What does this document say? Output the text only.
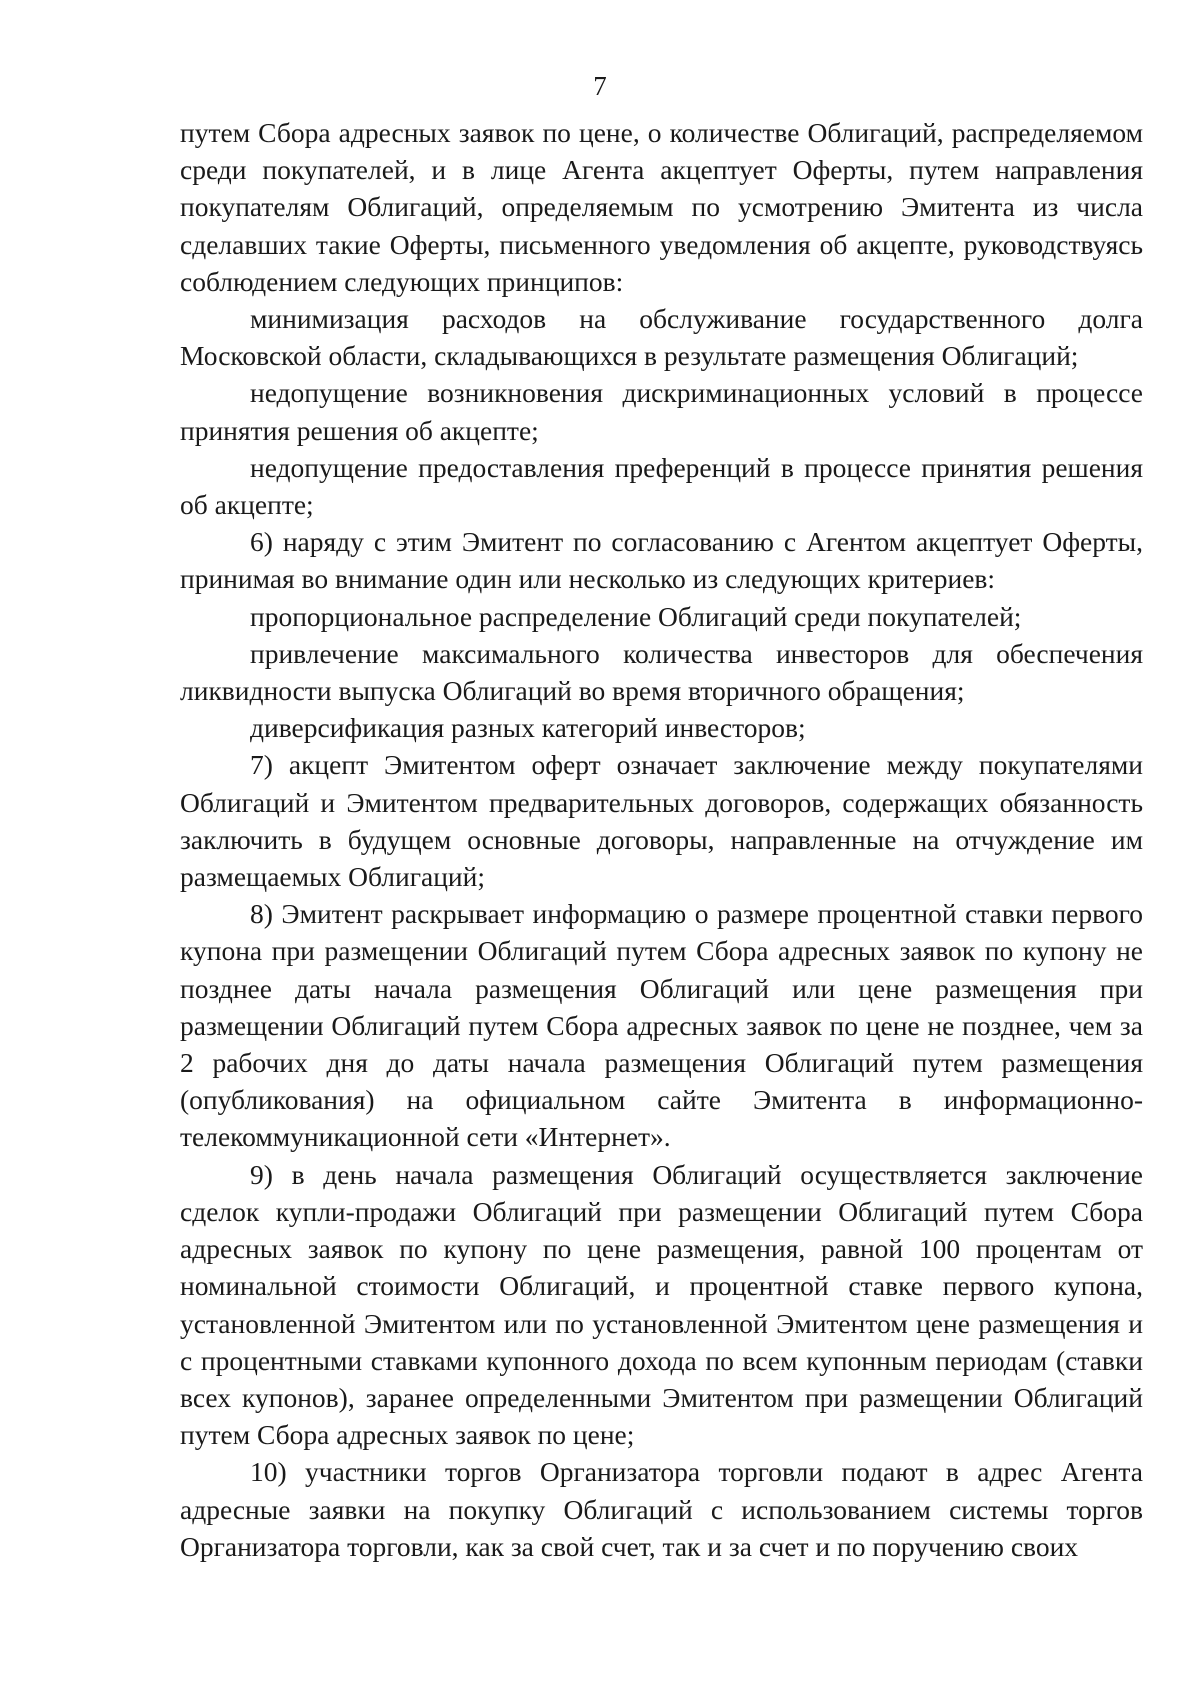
7

путем Сбора адресных заявок по цене, о количестве Облигаций, распределяемом среди покупателей, и в лице Агента акцептует Оферты, путем направления покупателям Облигаций, определяемым по усмотрению Эмитента из числа сделавших такие Оферты, письменного уведомления об акцепте, руководствуясь соблюдением следующих принципов:

минимизация расходов на обслуживание государственного долга Московской области, складывающихся в результате размещения Облигаций;

недопущение возникновения дискриминационных условий в процессе принятия решения об акцепте;

недопущение предоставления преференций в процессе принятия решения об акцепте;

6) наряду с этим Эмитент по согласованию с Агентом акцептует Оферты, принимая во внимание один или несколько из следующих критериев:

пропорциональное распределение Облигаций среди покупателей;

привлечение максимального количества инвесторов для обеспечения ликвидности выпуска Облигаций во время вторичного обращения;

диверсификация разных категорий инвесторов;

7) акцепт Эмитентом оферт означает заключение между покупателями Облигаций и Эмитентом предварительных договоров, содержащих обязанность заключить в будущем основные договоры, направленные на отчуждение им размещаемых Облигаций;

8) Эмитент раскрывает информацию о размере процентной ставки первого купона при размещении Облигаций путем Сбора адресных заявок по купону не позднее даты начала размещения Облигаций или цене размещения при размещении Облигаций путем Сбора адресных заявок по цене не позднее, чем за 2 рабочих дня до даты начала размещения Облигаций путем размещения (опубликования) на официальном сайте Эмитента в информационно-телекоммуникационной сети «Интернет».

9) в день начала размещения Облигаций осуществляется заключение сделок купли-продажи Облигаций при размещении Облигаций путем Сбора адресных заявок по купону по цене размещения, равной 100 процентам от номинальной стоимости Облигаций, и процентной ставке первого купона, установленной Эмитентом или по установленной Эмитентом цене размещения и с процентными ставками купонного дохода по всем купонным периодам (ставки всех купонов), заранее определенными Эмитентом при размещении Облигаций путем Сбора адресных заявок по цене;

10) участники торгов Организатора торговли подают в адрес Агента адресные заявки на покупку Облигаций с использованием системы торгов Организатора торговли, как за свой счет, так и за счет и по поручению своих
